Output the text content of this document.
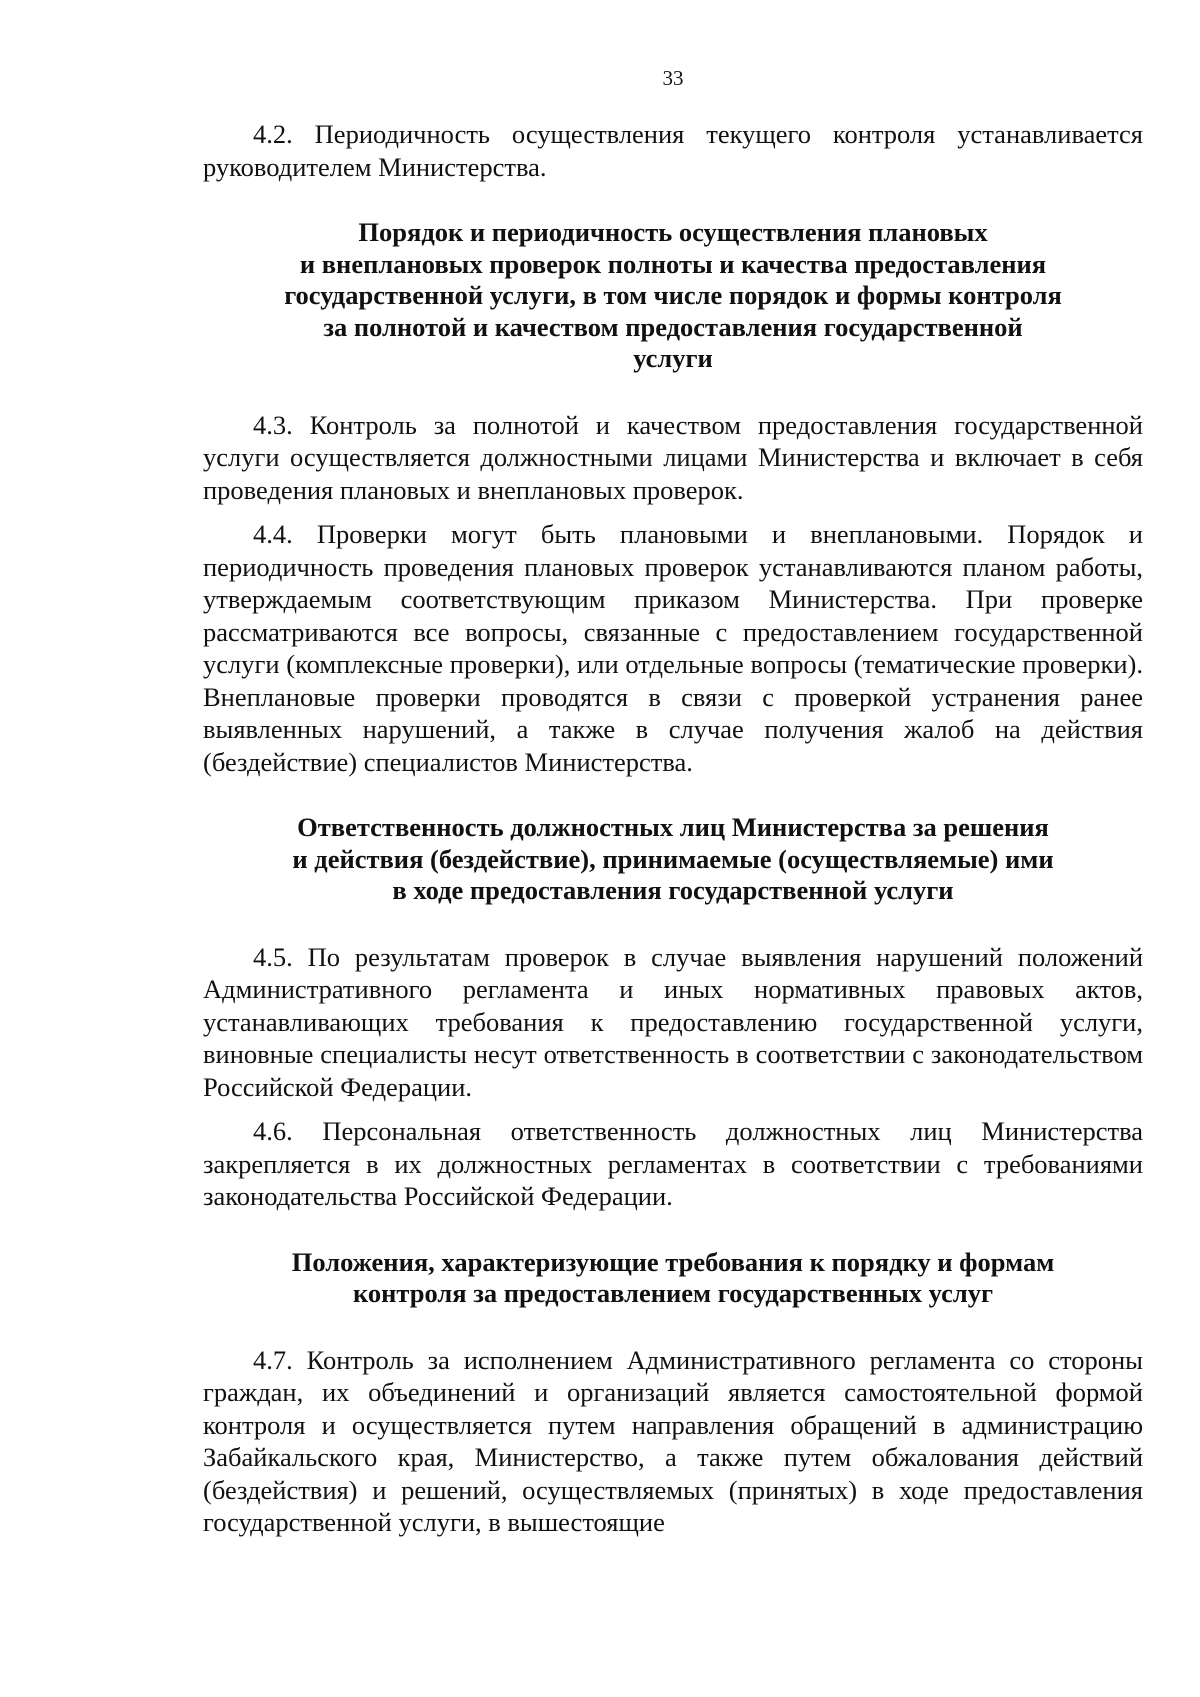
33

4.2. Периодичность осуществления текущего контроля устанавливается руководителем Министерства.

Порядок и периодичность осуществления плановых
и внеплановых проверок полноты и качества предоставления
государственной услуги, в том числе порядок и формы контроля
за полнотой и качеством предоставления государственной
услуги

4.3. Контроль за полнотой и качеством предоставления государственной услуги осуществляется должностными лицами Министерства и включает в себя проведения плановых и внеплановых проверок.

4.4. Проверки могут быть плановыми и внеплановыми. Порядок и периодичность проведения плановых проверок устанавливаются планом работы, утверждаемым соответствующим приказом Министерства. При проверке рассматриваются все вопросы, связанные с предоставлением государственной услуги (комплексные проверки), или отдельные вопросы (тематические проверки). Внеплановые проверки проводятся в связи с проверкой устранения ранее выявленных нарушений, а также в случае получения жалоб на действия (бездействие) специалистов Министерства.

Ответственность должностных лиц Министерства за решения
и действия (бездействие), принимаемые (осуществляемые) ими
в ходе предоставления государственной услуги

4.5. По результатам проверок в случае выявления нарушений положений Административного регламента и иных нормативных правовых актов, устанавливающих требования к предоставлению государственной услуги, виновные специалисты несут ответственность в соответствии с законодательством Российской Федерации.

4.6. Персональная ответственность должностных лиц Министерства закрепляется в их должностных регламентах в соответствии с требованиями законодательства Российской Федерации.

Положения, характеризующие требования к порядку и формам
контроля за предоставлением государственных услуг

4.7. Контроль за исполнением Административного регламента со стороны граждан, их объединений и организаций является самостоятельной формой контроля и осуществляется путем направления обращений в администрацию Забайкальского края, Министерство, а также путем обжалования действий (бездействия) и решений, осуществляемых (принятых) в ходе предоставления государственной услуги, в вышестоящие
